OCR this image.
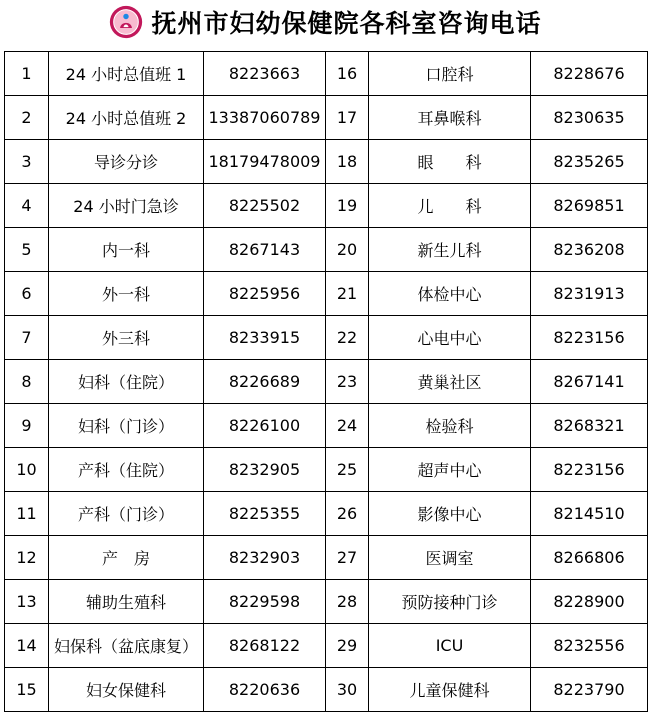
抚州市妇幼保健院各科室咨询电话
1	24 小时总值班 1	8223663	16	口腔科	8228676
2	24 小时总值班 2	13387060789	17	耳鼻喉科	8230635
3	导诊分诊	18179478009	18	眼　　科	8235265
4	24 小时门急诊	8225502	19	儿　　科	8269851
5	内一科	8267143	20	新生儿科	8236208
6	外一科	8225956	21	体检中心	8231913
7	外三科	8233915	22	心电中心	8223156
8	妇科（住院）	8226689	23	黄巢社区	8267141
9	妇科（门诊）	8226100	24	检验科	8268321
10	产科（住院）	8232905	25	超声中心	8223156
11	产科（门诊）	8225355	26	影像中心	8214510
12	产　房	8232903	27	医调室	8266806
13	辅助生殖科	8229598	28	预防接种门诊	8228900
14	妇保科（盆底康复）	8268122	29	ICU	8232556
15	妇女保健科	8220636	30	儿童保健科	8223790
